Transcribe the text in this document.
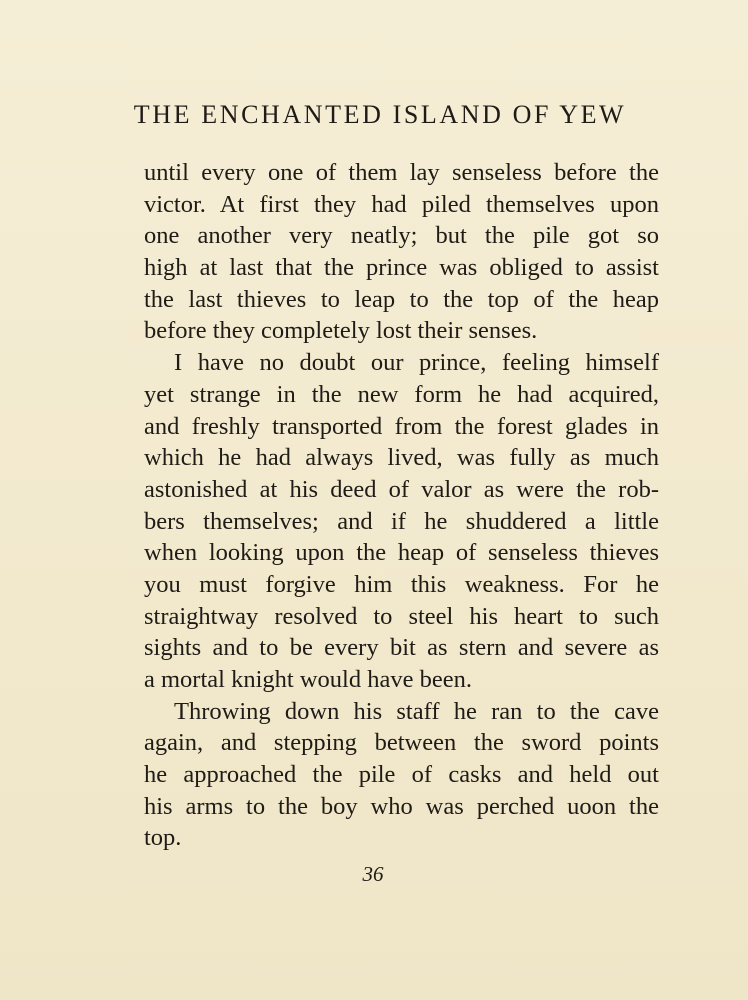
THE ENCHANTED ISLAND OF YEW
until every one of them lay senseless before the
victor. At first they had piled themselves upon
one another very neatly; but the pile got so
high at last that the prince was obliged to assist
the last thieves to leap to the top of the heap
before they completely lost their senses.
I have no doubt our prince, feeling himself
yet strange in the new form he had acquired,
and freshly transported from the forest glades in
which he had always lived, was fully as much
astonished at his deed of valor as were the rob-
bers themselves; and if he shuddered a little
when looking upon the heap of senseless thieves
you must forgive him this weakness. For he
straightway resolved to steel his heart to such
sights and to be every bit as stern and severe as
a mortal knight would have been.
Throwing down his staff he ran to the cave
again, and stepping between the sword points
he approached the pile of casks and held out
his arms to the boy who was perched uoon the
top.
36
